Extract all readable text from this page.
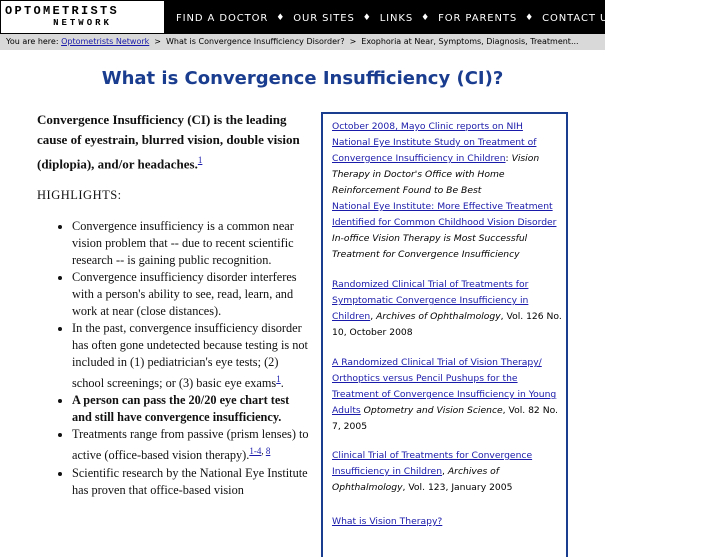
OPTOMETRISTS
NETWORK	FIND A DOCTOR ♦ OUR SITES ♦ LINKS ♦ FOR PARENTS ♦ CONTACT US
You are here: Optometrists Network > What is Convergence Insufficiency Disorder? > Exophoria at Near, Symptoms, Diagnosis, Treatment...
What is Convergence Insufficiency (CI)?

Convergence Insufficiency (CI) is the leading cause of eyestrain, blurred vision, double vision (diplopia), and/or headaches.$^1$

HIGHLIGHTS:

• Convergence insufficiency is a common near vision problem that -- due to recent scientific research -- is gaining public recognition.
• Convergence insufficiency disorder interferes with a person's ability to see, read, learn, and work at near (close distances).
• In the past, convergence insufficiency disorder has often gone undetected because testing is not included in (1) pediatrician's eye tests; (2) school screenings; or (3) basic eye exams$^1$.
• A person can pass the 20/20 eye chart test and still have convergence insufficiency.
• Treatments range from passive (prism lenses) to active (office-based vision therapy).$^{1-4, 8}$
• Scientific research by the National Eye Institute has proven that office-based vision
October 2008, Mayo Clinic reports on NIH National Eye Institute Study on Treatment of Convergence Insufficiency in Children: Vision Therapy in Doctor's Office with Home Reinforcement Found to Be Best
National Eye Institute: More Effective Treatment Identified for Common Childhood Vision Disorder In-office Vision Therapy is Most Successful Treatment for Convergence Insufficiency
Randomized Clinical Trial of Treatments for Symptomatic Convergence Insufficiency in Children, Archives of Ophthalmology, Vol. 126 No. 10, October 2008
A Randomized Clinical Trial of Vision Therapy/ Orthoptics versus Pencil Pushups for the Treatment of Convergence Insufficiency in Young Adults Optometry and Vision Science, Vol. 82 No. 7, 2005
Clinical Trial of Treatments for Convergence Insufficiency in Children, Archives of Ophthalmology, Vol. 123, January 2005
What is Vision Therapy?
